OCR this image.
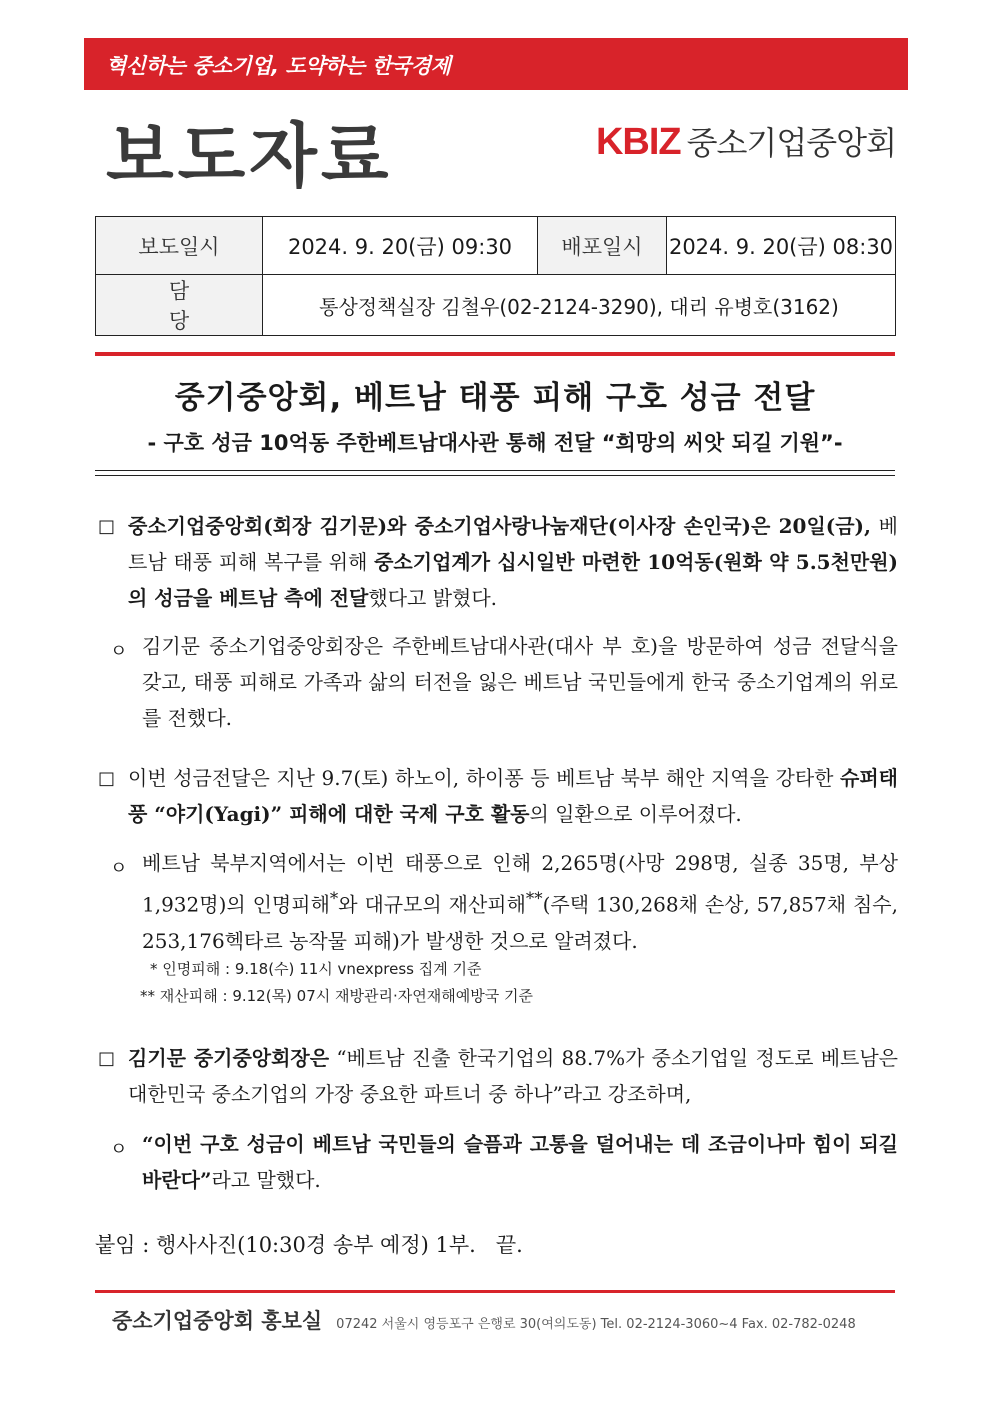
혁신하는 중소기업, 도약하는 한국경제
보도자료	KBIZ 중소기업중앙회
보도일시	2024. 9. 20(금) 09:30	배포일시	2024. 9. 20(금) 08:30
담당	통상정책실장 김철우(02-2124-3290), 대리 유병호(3162)		
중기중앙회, 베트남 태풍 피해 구호 성금 전달
- 구호 성금 10억동 주한베트남대사관 통해 전달 “희망의 씨앗 되길 기원”-
□ 중소기업중앙회(회장 김기문)와 중소기업사랑나눔재단(이사장 손인국)은 20일(금), 베트남 태풍 피해 복구를 위해 중소기업계가 십시일반 마련한 10억동(원화 약 5.5천만원)의 성금을 베트남 측에 전달했다고 밝혔다.
ㅇ 김기문 중소기업중앙회장은 주한베트남대사관(대사 부 호)을 방문하여 성금 전달식을 갖고, 태풍 피해로 가족과 삶의 터전을 잃은 베트남 국민들에게 한국 중소기업계의 위로를 전했다.
□ 이번 성금전달은 지난 9.7(토) 하노이, 하이퐁 등 베트남 북부 해안 지역을 강타한 슈퍼태풍 “야기(Yagi)” 피해에 대한 국제 구호 활동의 일환으로 이루어졌다.
ㅇ 베트남 북부지역에서는 이번 태풍으로 인해 2,265명(사망 298명, 실종 35명, 부상 1,932명)의 인명피해*와 대규모의 재산피해**(주택 130,268채 손상, 57,857채 침수, 253,176헥타르 농작물 피해)가 발생한 것으로 알려졌다.
* 인명피해 : 9.18(수) 11시 vnexpress 집계 기준
** 재산피해 : 9.12(목) 07시 재방관리·자연재해예방국 기준
□ 김기문 중기중앙회장은 “베트남 진출 한국기업의 88.7%가 중소기업일 정도로 베트남은 대한민국 중소기업의 가장 중요한 파트너 중 하나”라고 강조하며,
ㅇ “이번 구호 성금이 베트남 국민들의 슬픔과 고통을 덜어내는 데 조금이나마 힘이 되길 바란다”라고 말했다.
붙임 : 행사사진(10:30경 송부 예정) 1부.   끝.
중소기업중앙회 홍보실 07242 서울시 영등포구 은행로 30(여의도동) Tel. 02-2124-3060~4 Fax. 02-782-0248
